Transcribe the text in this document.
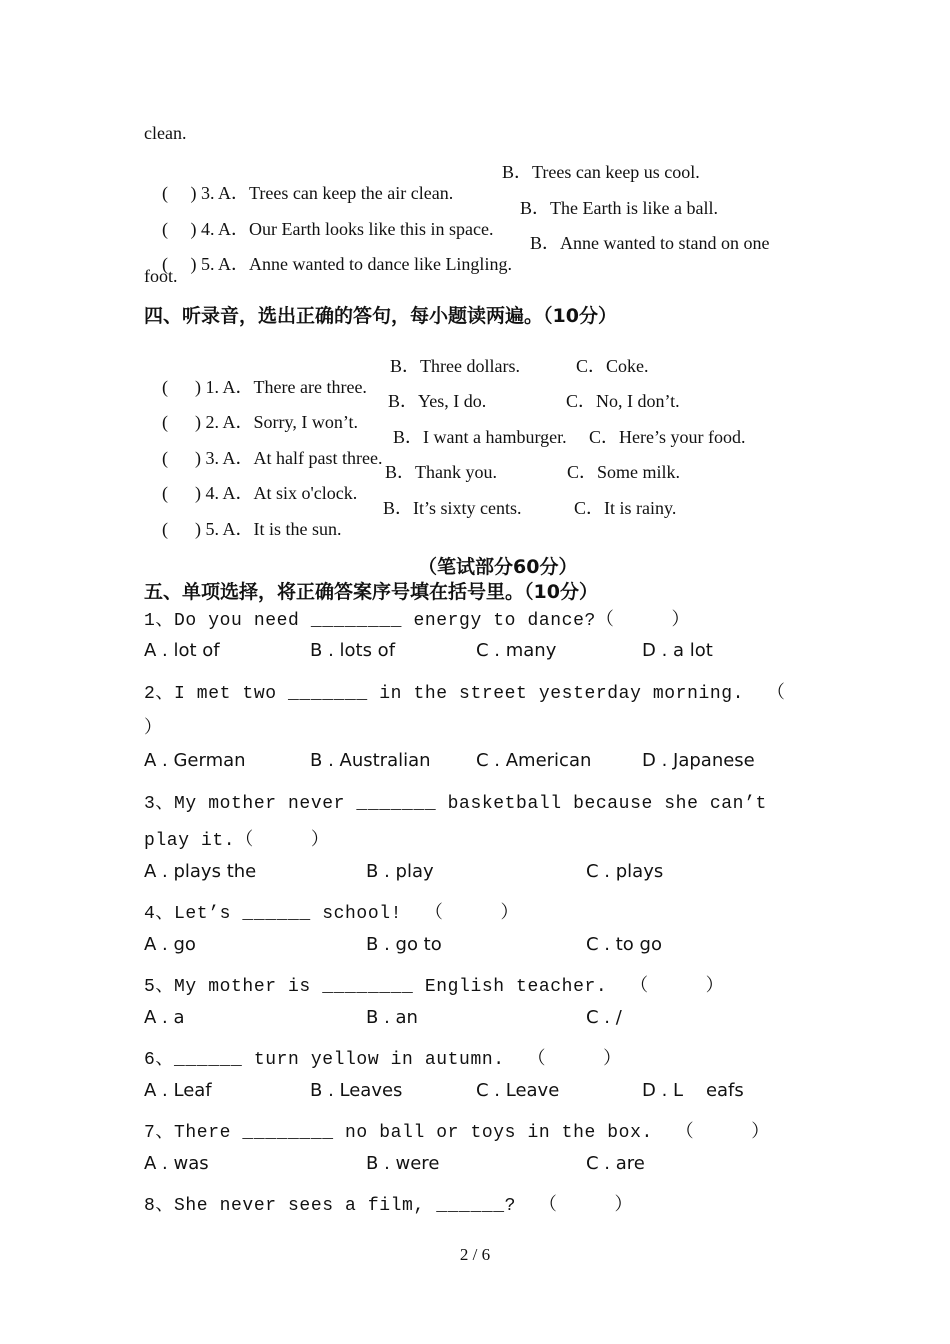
clean.

(     ) 3. A．Trees can keep the air clean.
B．Trees can keep us cool.

(     ) 4. A．Our Earth looks like this in space.
B．The Earth is like a ball.

(     ) 5. A．Anne wanted to dance like Lingling.
B．Anne wanted to stand on one

foot.
四、听录音，选出正确的答句，每小题读两遍。（10分）

(      ) 1. A．There are three.
B．Three dollars.	C．Coke.

(      ) 2. A．Sorry, I won’t.
B．Yes, I do.	C．No, I don’t.

(      ) 3. A．At half past three.
B．I want a hamburger. C．Here’s your food.

(      ) 4. A．At six o'clock.
B．Thank you.	C．Some milk.

(      ) 5. A．It is the sun.
B．It’s sixty cents.	C．It is rainy.

（笔试部分60分）
五、单项选择，将正确答案序号填在括号里。（10分）
1、Do you need ________ energy to dance?（     ）

A . lot of	B . lots of	C . many	D . a lot

2、I met two _______ in the street yesterday morning.  （
）

A . German	B . Australian	C . American	D . Japanese

3、My mother never _______ basketball because she can’t
play it.（     ）

A . plays the	B . play	C . plays

4、Let’s ______ school!  （     ）

A . go	B . go to	C . to go

5、My mother is ________ English teacher.  （     ）

A . a	B . an	C . /

6、______ turn yellow in autumn.  （     ）

A . Leaf	B . Leaves	C . Leave	D . L    eafs

7、There ________ no ball or toys in the box.  （     ）

A . was	B . were	C . are

8、She never sees a film, ______?  （     ）
2 / 6
